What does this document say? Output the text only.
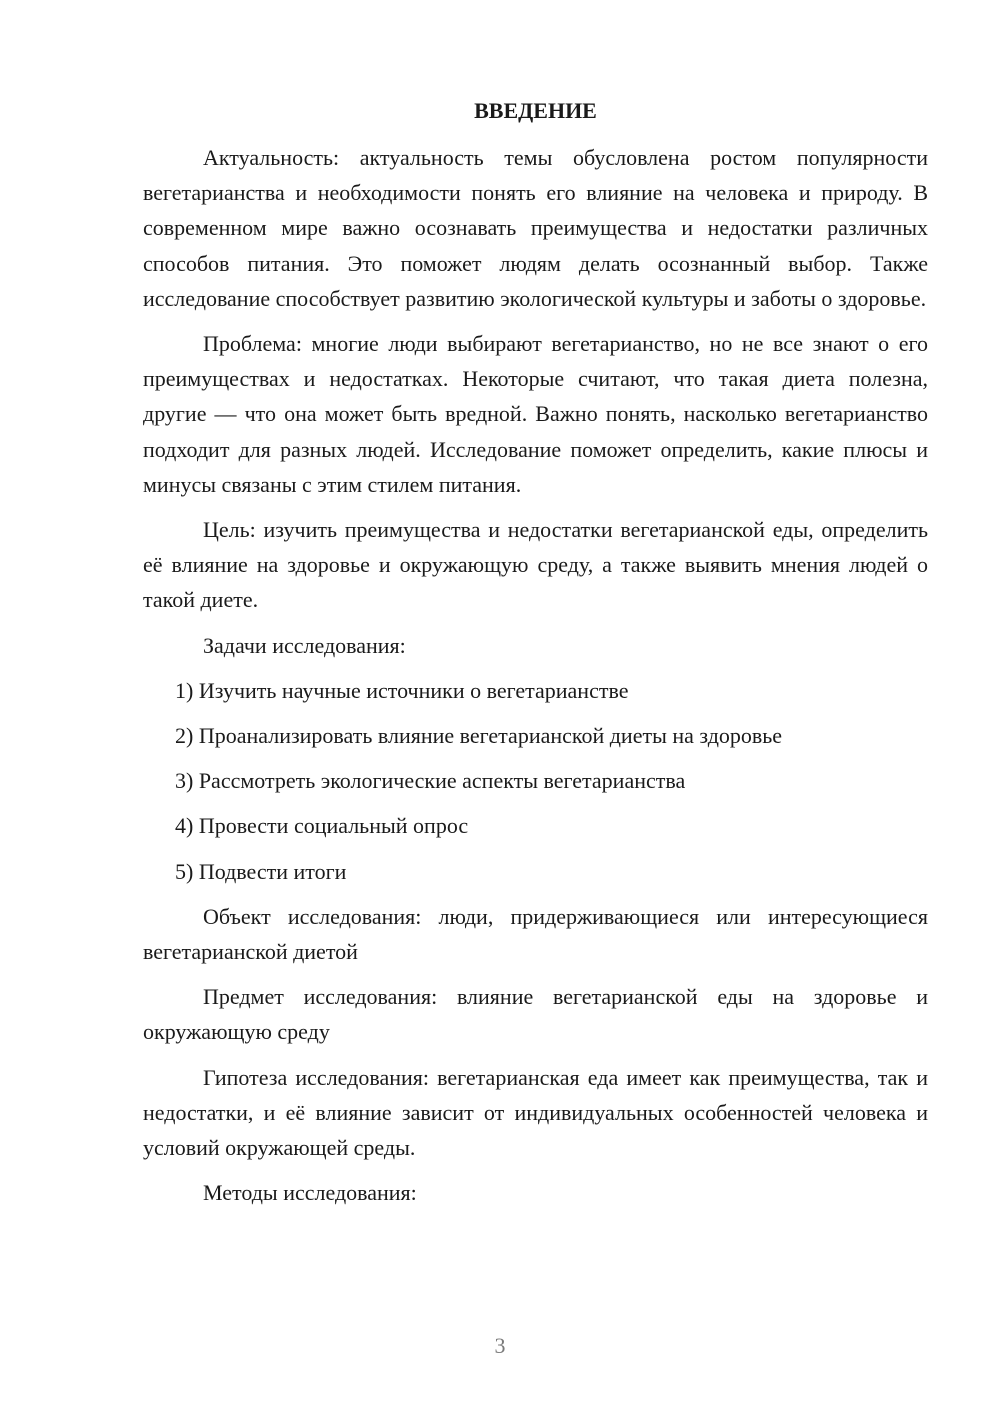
ВВЕДЕНИЕ

Актуальность: актуальность темы обусловлена ростом популярности вегетарианства и необходимости понять его влияние на человека и природу. В современном мире важно осознавать преимущества и недостатки различных способов питания. Это поможет людям делать осознанный выбор. Также исследование способствует развитию экологической культуры и заботы о здоровье.

Проблема: многие люди выбирают вегетарианство, но не все знают о его преимуществах и недостатках. Некоторые считают, что такая диета полезна, другие — что она может быть вредной. Важно понять, насколько вегетарианство подходит для разных людей. Исследование поможет определить, какие плюсы и минусы связаны с этим стилем питания.

Цель: изучить преимущества и недостатки вегетарианской еды, определить её влияние на здоровье и окружающую среду, а также выявить мнения людей о такой диете.

Задачи исследования:
1) Изучить научные источники о вегетарианстве
2) Проанализировать влияние вегетарианской диеты на здоровье
3) Рассмотреть экологические аспекты вегетарианства
4) Провести социальный опрос
5) Подвести итоги

Объект исследования: люди, придерживающиеся или интересующиеся вегетарианской диетой

Предмет исследования: влияние вегетарианской еды на здоровье и окружающую среду

Гипотеза исследования: вегетарианская еда имеет как преимущества, так и недостатки, и её влияние зависит от индивидуальных особенностей человека и условий окружающей среды.

Методы исследования:
3
